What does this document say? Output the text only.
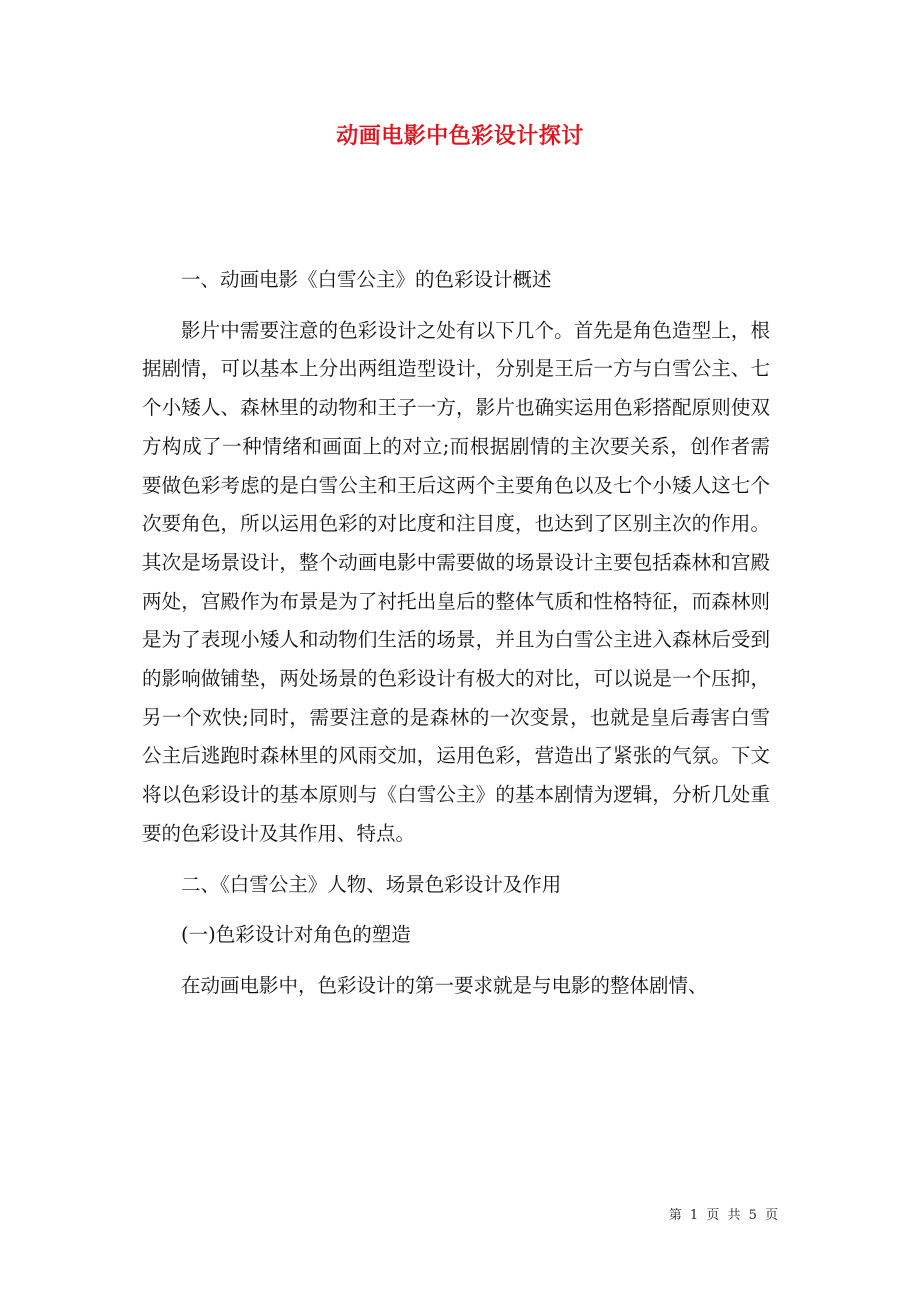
动画电影中色彩设计探讨

一、动画电影《白雪公主》的色彩设计概述

影片中需要注意的色彩设计之处有以下几个。首先是角色造型上，根据剧情，可以基本上分出两组造型设计，分别是王后一方与白雪公主、七个小矮人、森林里的动物和王子一方，影片也确实运用色彩搭配原则使双方构成了一种情绪和画面上的对立;而根据剧情的主次要关系，创作者需要做色彩考虑的是白雪公主和王后这两个主要角色以及七个小矮人这七个次要角色，所以运用色彩的对比度和注目度，也达到了区别主次的作用。其次是场景设计，整个动画电影中需要做的场景设计主要包括森林和宫殿两处，宫殿作为布景是为了衬托出皇后的整体气质和性格特征，而森林则是为了表现小矮人和动物们生活的场景，并且为白雪公主进入森林后受到的影响做铺垫，两处场景的色彩设计有极大的对比，可以说是一个压抑，另一个欢快;同时，需要注意的是森林的一次变景，也就是皇后毒害白雪公主后逃跑时森林里的风雨交加，运用色彩，营造出了紧张的气氛。下文将以色彩设计的基本原则与《白雪公主》的基本剧情为逻辑，分析几处重要的色彩设计及其作用、特点。

二、《白雪公主》人物、场景色彩设计及作用

(一)色彩设计对角色的塑造

在动画电影中，色彩设计的第一要求就是与电影的整体剧情、

第 1 页 共 5 页
